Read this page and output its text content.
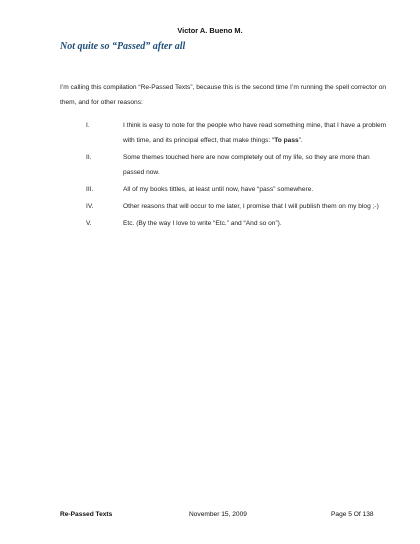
Victor A. Bueno M.
Not quite so “Passed” after all
I’m calling this compilation “Re-Passed Texts”, because this is the second time I’m running the spell corrector on them, and for other reasons:
I.	I think is easy to note for the people who have read something mine, that I have a problem with time, and its principal effect, that make things: “To pass”.
II.	Some themes touched here are now completely out of my life, so they are more than passed now.
III.	All of my books tittles, at least until now, have “pass” somewhere.
IV.	Other reasons that will occur to me later, I promise that I will publish them on my blog ;-)
V.	Etc. (By the way I love to write “Etc.” and “And so on”).
Re-Passed Texts	November 15, 2009	Page 5 Of 138
